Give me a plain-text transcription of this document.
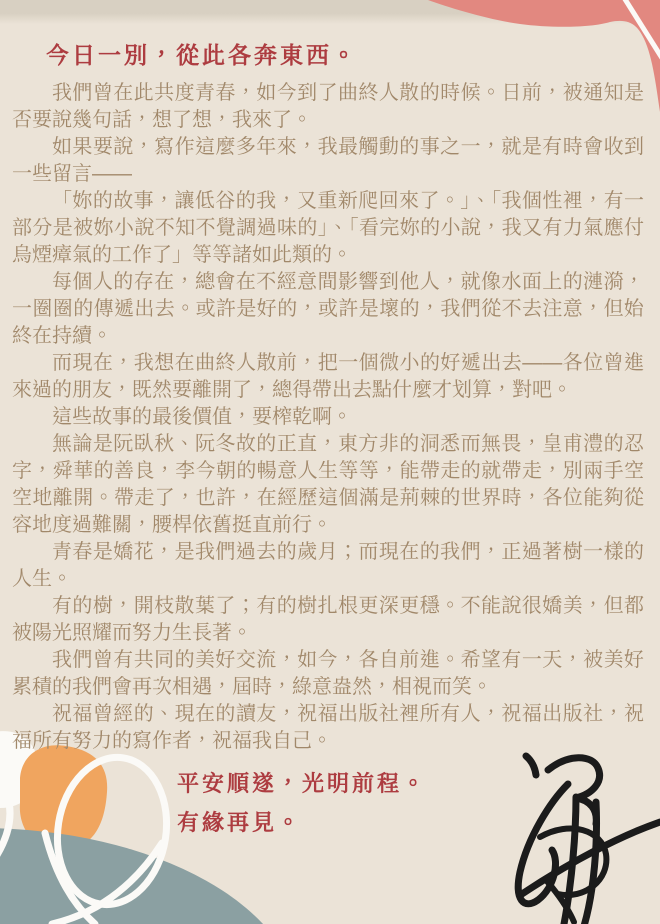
今日一別，從此各奔東西。

我們曾在此共度青春，如今到了曲終人散的時候。日前，被通知是否要說幾句話，想了想，我來了。

如果要說，寫作這麼多年來，我最觸動的事之一，就是有時會收到一些留言——

「妳的故事，讓低谷的我，又重新爬回來了。」、「我個性裡，有一部分是被妳小說不知不覺調過味的」、「看完妳的小說，我又有力氣應付烏煙瘴氣的工作了」等等諸如此類的。

每個人的存在，總會在不經意間影響到他人，就像水面上的漣漪，一圈圈的傳遞出去。或許是好的，或許是壞的，我們從不去注意，但始終在持續。

而現在，我想在曲終人散前，把一個微小的好遞出去——各位曾進來過的朋友，既然要離開了，總得帶出去點什麼才划算，對吧。

這些故事的最後價值，要榨乾啊。

無論是阮臥秋、阮冬故的正直，東方非的洞悉而無畏，皇甫澧的忍字，舜華的善良，李今朝的暢意人生等等，能帶走的就帶走，別兩手空空地離開。帶走了，也許，在經歷這個滿是荊棘的世界時，各位能夠從容地度過難關，腰桿依舊挺直前行。

青春是嬌花，是我們過去的歲月；而現在的我們，正過著樹一樣的人生。

有的樹，開枝散葉了；有的樹扎根更深更穩。不能說很嬌美，但都被陽光照耀而努力生長著。

我們曾有共同的美好交流，如今，各自前進。希望有一天，被美好累積的我們會再次相遇，屆時，綠意盎然，相視而笑。

祝福曾經的、現在的讀友，祝福出版社裡所有人，祝福出版社，祝福所有努力的寫作者，祝福我自己。

平安順遂，光明前程。

有緣再見。
